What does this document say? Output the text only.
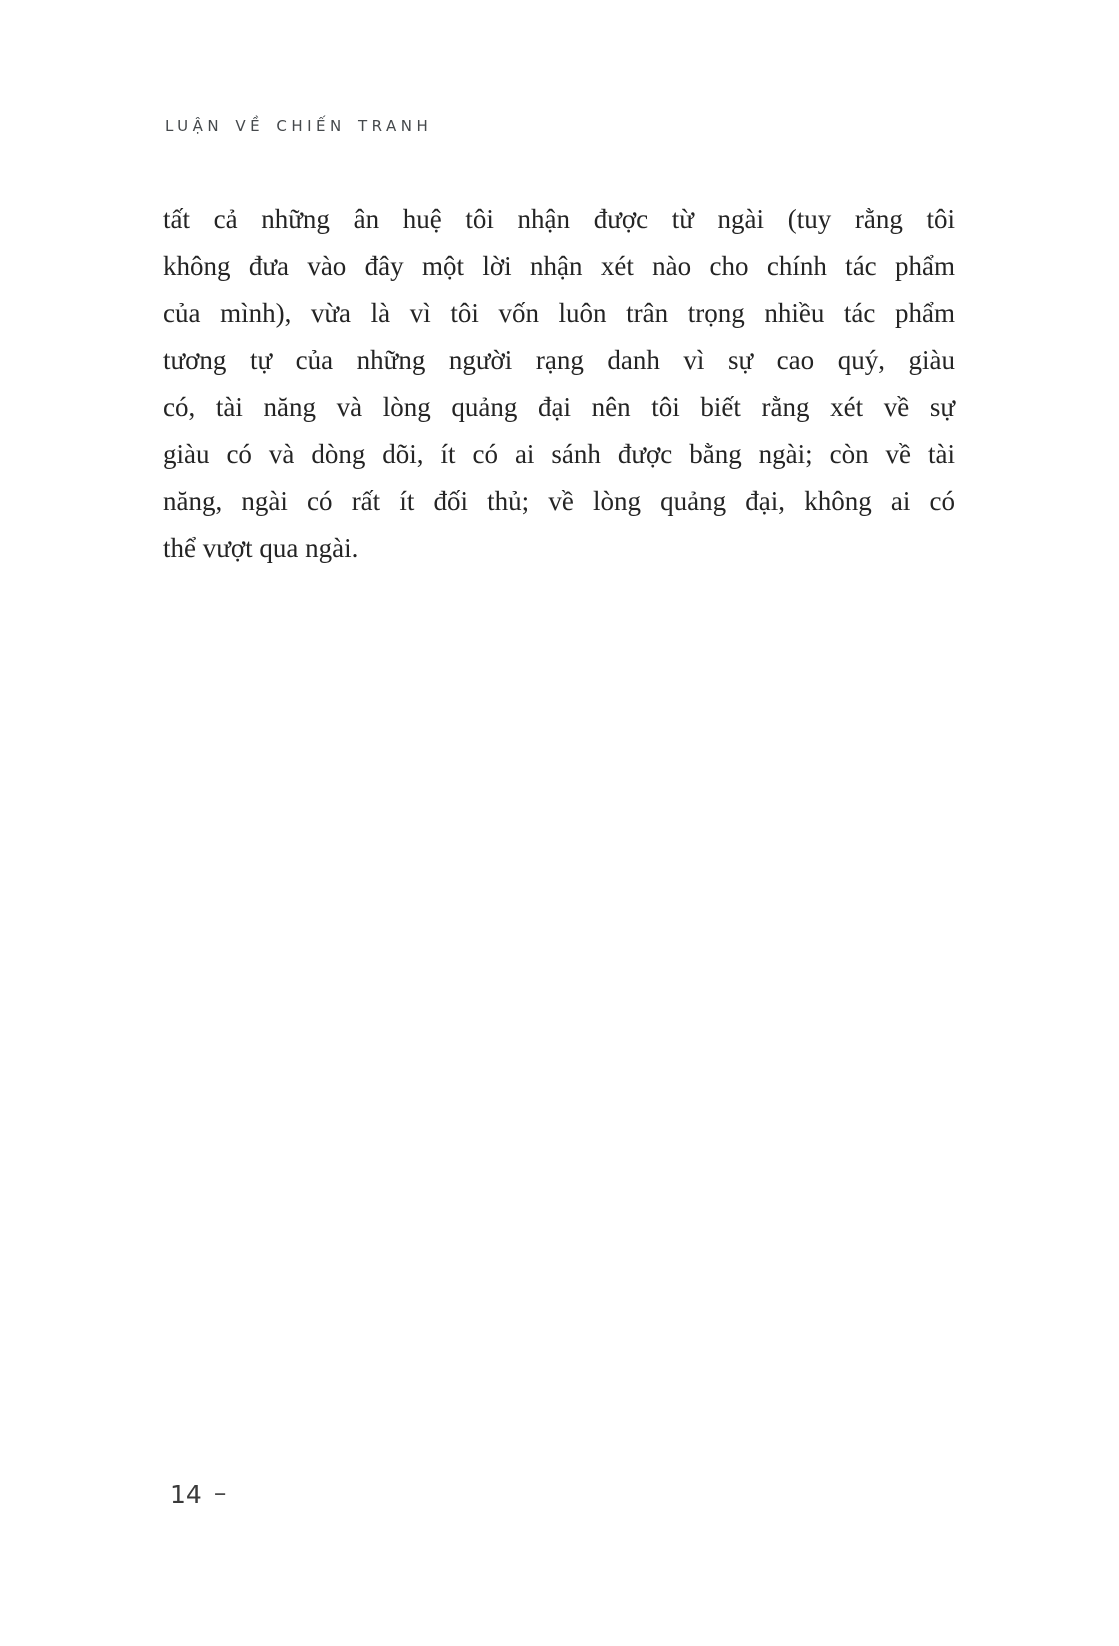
LUẬN VỀ CHIẾN TRANH
tất cả những ân huệ tôi nhận được từ ngài (tuy rằng tôi
không đưa vào đây một lời nhận xét nào cho chính tác phẩm
của mình), vừa là vì tôi vốn luôn trân trọng nhiều tác phẩm
tương tự của những người rạng danh vì sự cao quý, giàu
có, tài năng và lòng quảng đại nên tôi biết rằng xét về sự
giàu có và dòng dõi, ít có ai sánh được bằng ngài; còn về tài
năng, ngài có rất ít đối thủ; về lòng quảng đại, không ai có
thể vượt qua ngài.
14 –
